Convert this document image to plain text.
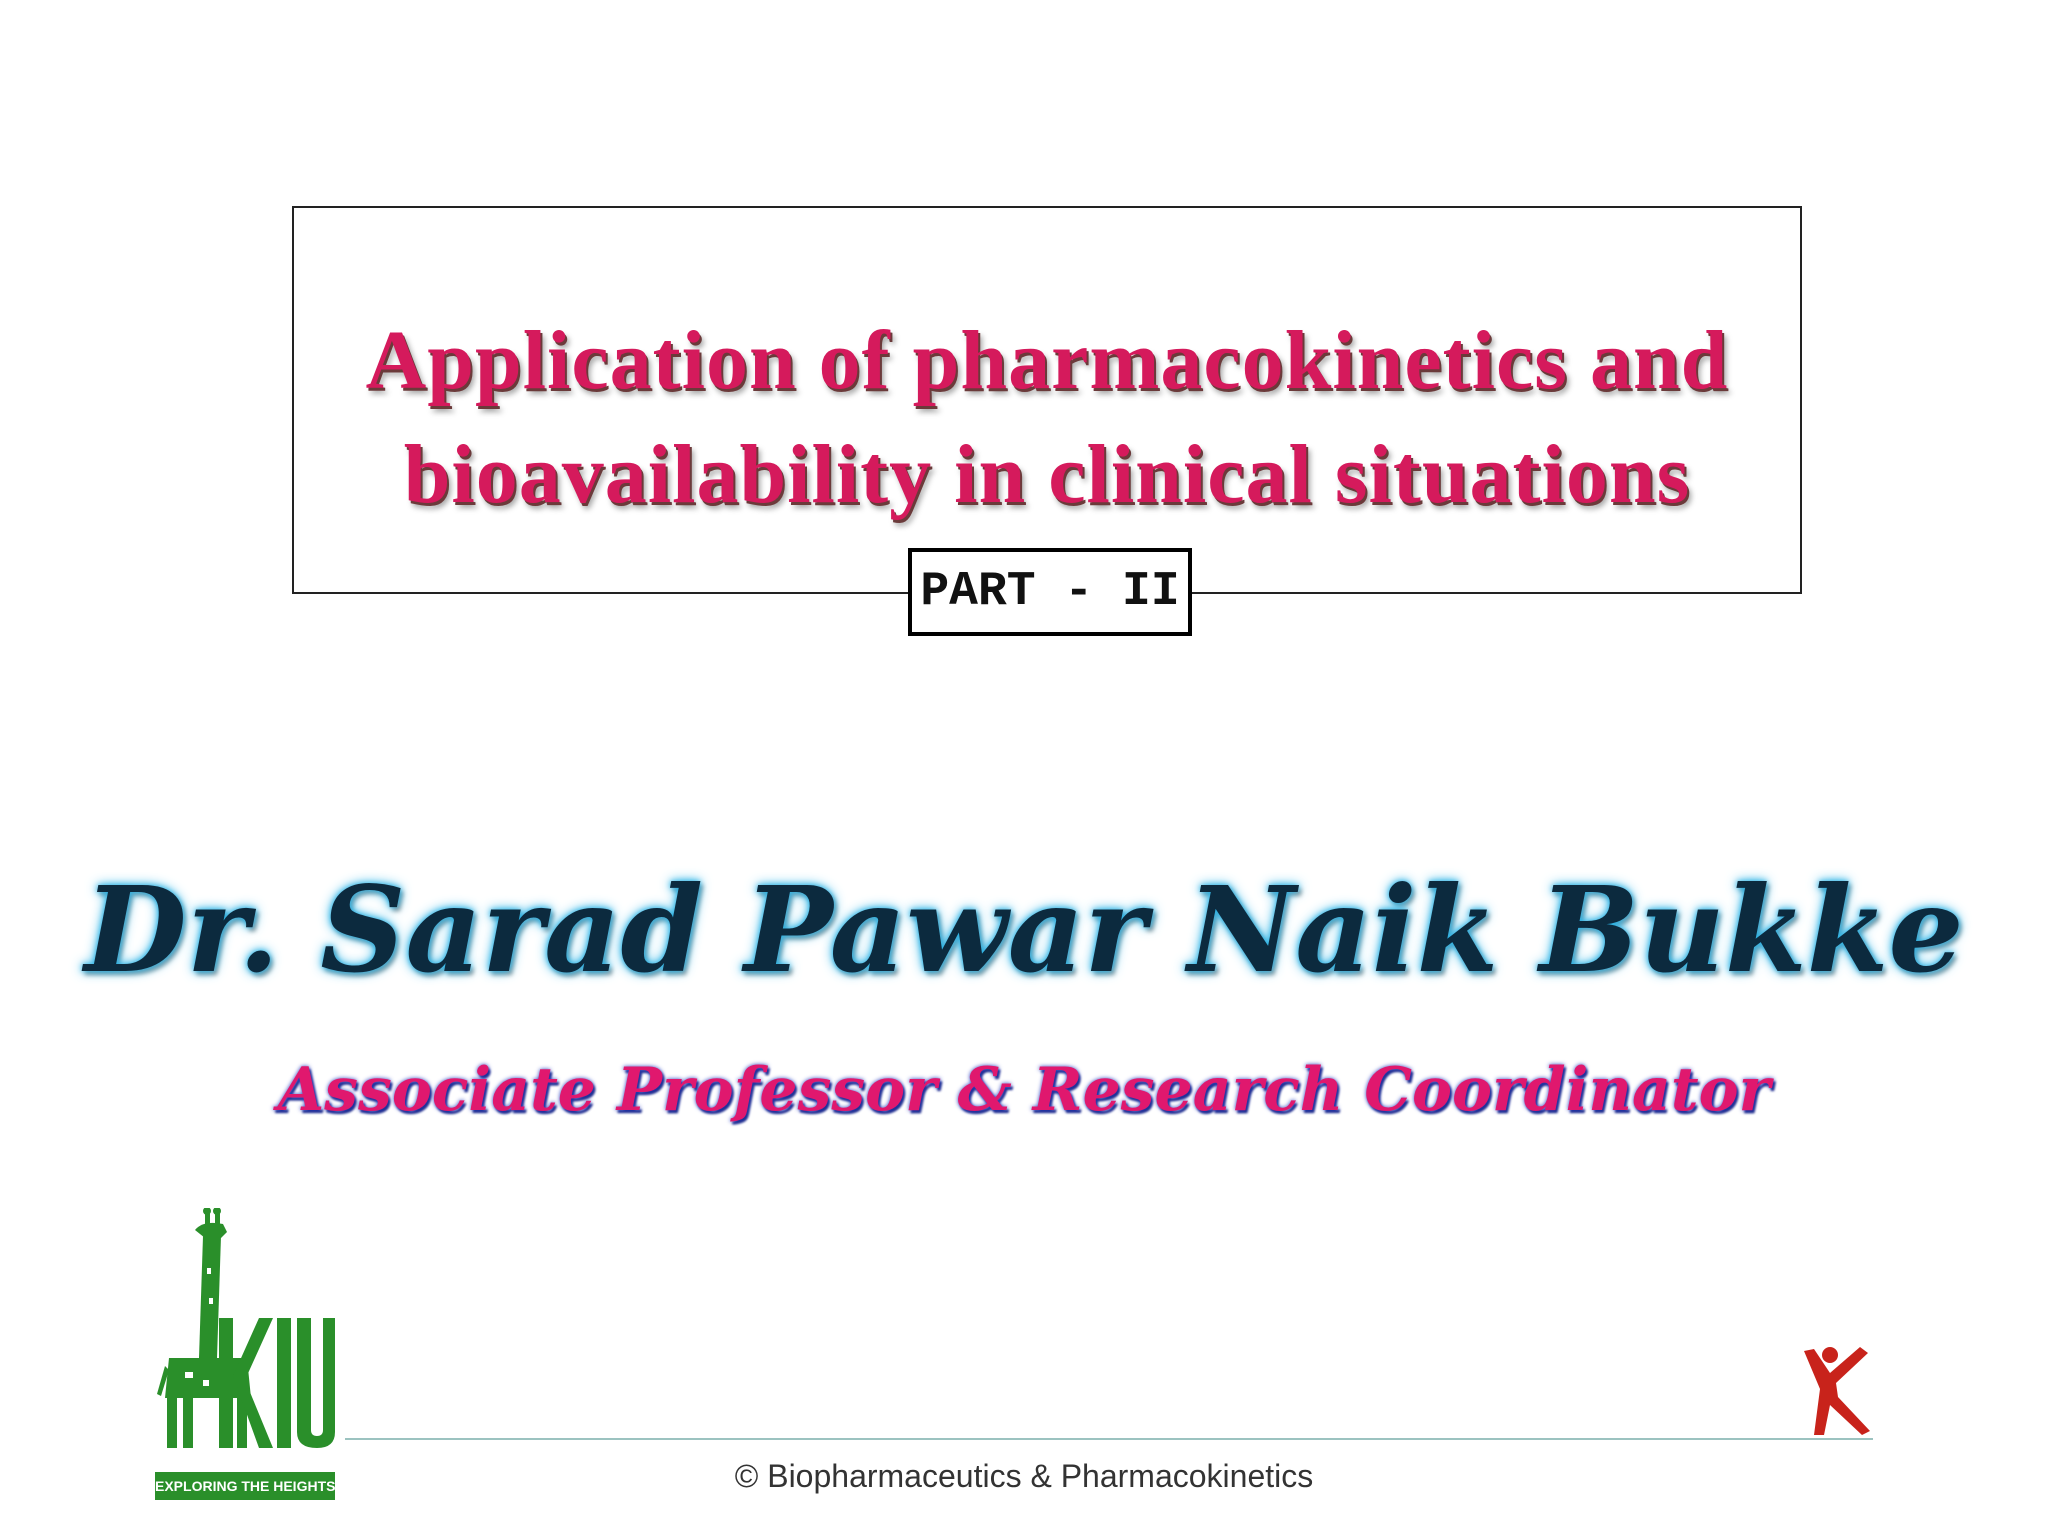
Application of pharmacokinetics and
bioavailability in clinical situations
PART - II
Dr. Sarad Pawar Naik Bukke
Associate Professor & Research Coordinator
EXPLORING THE HEIGHTS	© Biopharmaceutics & Pharmacokinetics
